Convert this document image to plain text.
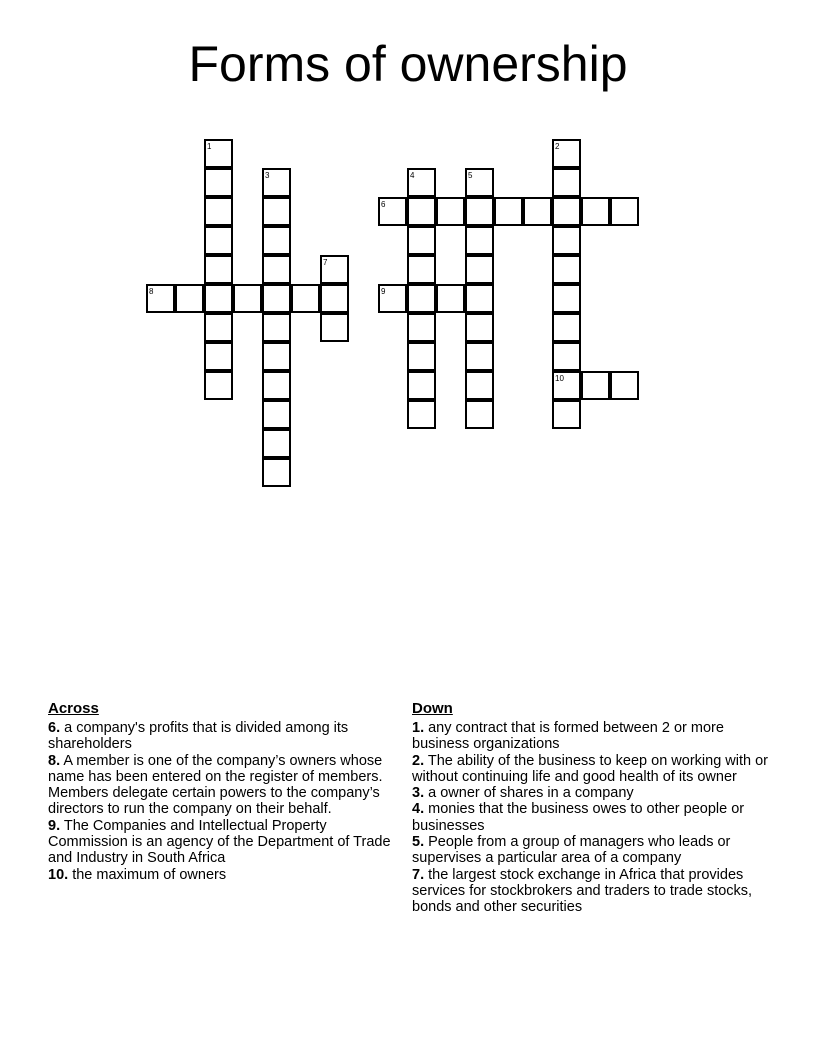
Forms of ownership
1
3
7
8
6
4	5
2
10
9
Across
6. a company's profits that is divided among its shareholders
8. A member is one of the company’s owners whose name has been entered on the register of members. Members delegate certain powers to the company’s directors to run the company on their behalf.
9. The Companies and Intellectual Property Commission is an agency of the Department of Trade and Industry in South Africa
10. the maximum of owners
Down
1. any contract that is formed between 2 or more business organizations
2. The ability of the business to keep on working with or without continuing life and good health of its owner
3. a owner of shares in a company
4. monies that the business owes to other people or businesses
5. People from a group of managers who leads or supervises a particular area of a company
7. the largest stock exchange in Africa that provides services for stockbrokers and traders to trade stocks, bonds and other securities
